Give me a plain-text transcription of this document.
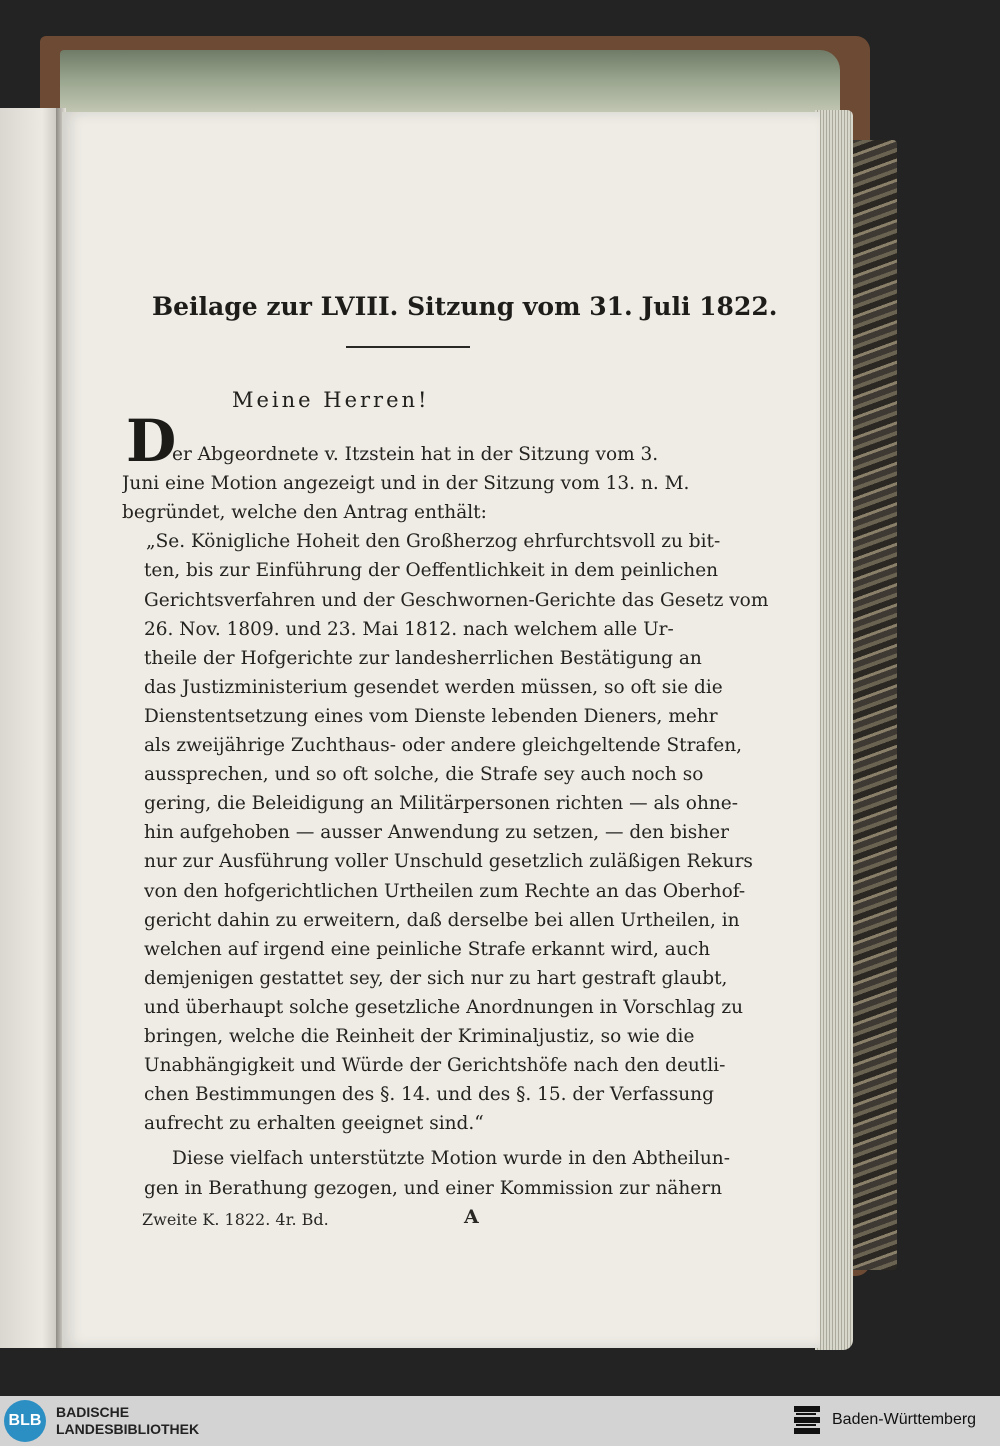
Beilage zur LVIII. Sitzung vom 31. Juli 1822.
Meine Herren!
D
er Abgeordnete v. Itzstein hat in der Sitzung vom 3.
Juni eine Motion angezeigt und in der Sitzung vom 13. n. M.
begründet, welche den Antrag enthält:
„Se. Königliche Hoheit den Großherzog ehrfurchtsvoll zu bit-
ten, bis zur Einführung der Oeffentlichkeit in dem peinlichen
Gerichtsverfahren und der Geschwornen-Gerichte das Gesetz vom
26. Nov. 1809. und 23. Mai 1812. nach welchem alle Ur-
theile der Hofgerichte zur landesherrlichen Bestätigung an
das Justizministerium gesendet werden müssen, so oft sie die
Dienstentsetzung eines vom Dienste lebenden Dieners, mehr
als zweijährige Zuchthaus- oder andere gleichgeltende Strafen,
aussprechen, und so oft solche, die Strafe sey auch noch so
gering, die Beleidigung an Militärpersonen richten — als ohne-
hin aufgehoben — ausser Anwendung zu setzen, — den bisher
nur zur Ausführung voller Unschuld gesetzlich zuläßigen Rekurs
von den hofgerichtlichen Urtheilen zum Rechte an das Oberhof-
gericht dahin zu erweitern, daß derselbe bei allen Urtheilen, in
welchen auf irgend eine peinliche Strafe erkannt wird, auch
demjenigen gestattet sey, der sich nur zu hart gestraft glaubt,
und überhaupt solche gesetzliche Anordnungen in Vorschlag zu
bringen, welche die Reinheit der Kriminaljustiz, so wie die
Unabhängigkeit und Würde der Gerichtshöfe nach den deutli-
chen Bestimmungen des §. 14. und des §. 15. der Verfassung
aufrecht zu erhalten geeignet sind.“
Diese vielfach unterstützte Motion wurde in den Abtheilun-
gen in Berathung gezogen, und einer Kommission zur nähern
Zweite K. 1822. 4r. Bd.	A
BLB	BADISCHE
LANDESBIBLIOTHEK
Baden-Württemberg
